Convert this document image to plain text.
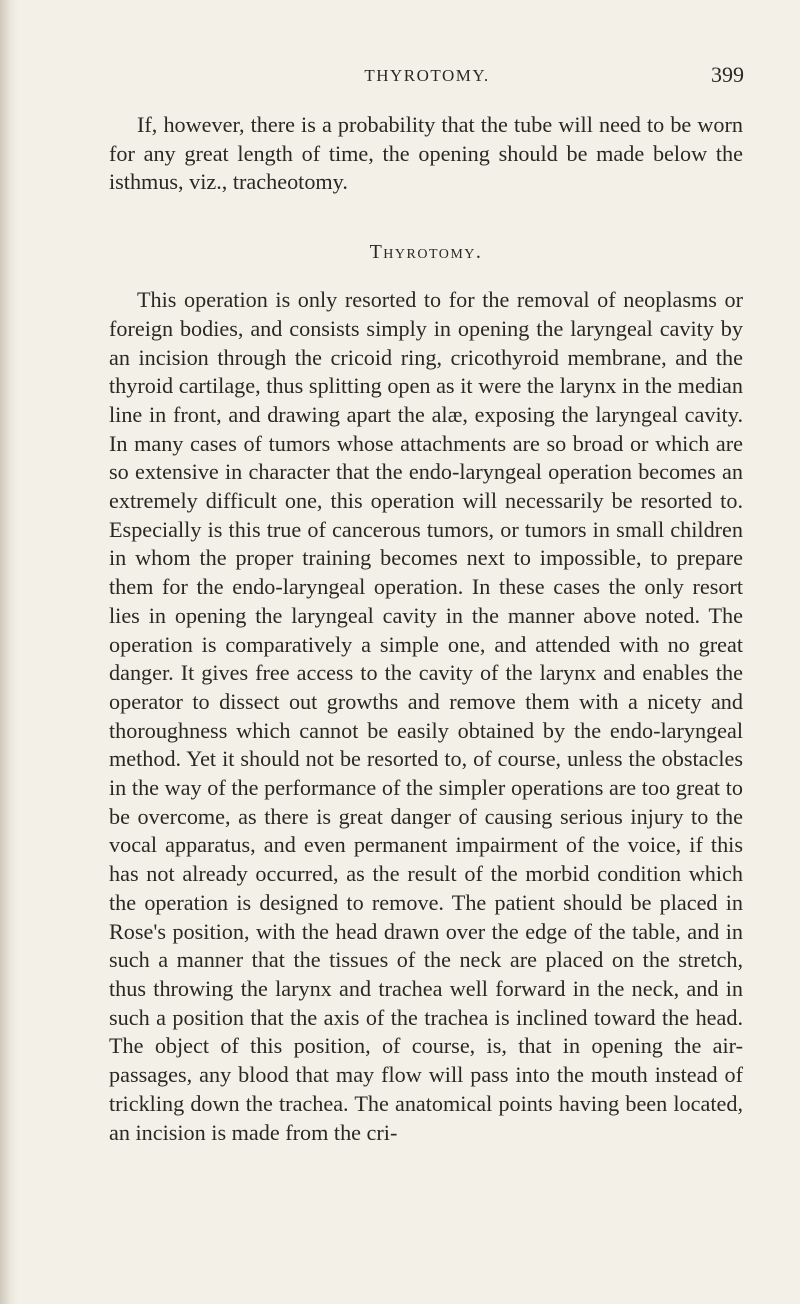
THYROTOMY.	399

If, however, there is a probability that the tube will need to be worn for any great length of time, the opening should be made below the isthmus, viz., tracheotomy.

Thyrotomy.

This operation is only resorted to for the removal of neoplasms or foreign bodies, and consists simply in opening the laryngeal cavity by an incision through the cricoid ring, cricothyroid membrane, and the thyroid cartilage, thus splitting open as it were the larynx in the median line in front, and drawing apart the alæ, exposing the laryngeal cavity. In many cases of tumors whose attachments are so broad or which are so extensive in character that the endo-laryngeal operation becomes an extremely difficult one, this operation will necessarily be resorted to. Especially is this true of cancerous tumors, or tumors in small children in whom the proper training becomes next to impossible, to prepare them for the endo-laryngeal operation. In these cases the only resort lies in opening the laryngeal cavity in the manner above noted. The operation is comparatively a simple one, and attended with no great danger. It gives free access to the cavity of the larynx and enables the operator to dissect out growths and remove them with a nicety and thoroughness which cannot be easily obtained by the endo-laryngeal method. Yet it should not be resorted to, of course, unless the obstacles in the way of the performance of the simpler operations are too great to be overcome, as there is great danger of causing serious injury to the vocal apparatus, and even permanent impairment of the voice, if this has not already occurred, as the result of the morbid condition which the operation is designed to remove. The patient should be placed in Rose's position, with the head drawn over the edge of the table, and in such a manner that the tissues of the neck are placed on the stretch, thus throwing the larynx and trachea well forward in the neck, and in such a position that the axis of the trachea is inclined toward the head. The object of this position, of course, is, that in opening the air-passages, any blood that may flow will pass into the mouth instead of trickling down the trachea. The anatomical points having been located, an incision is made from the cri-
